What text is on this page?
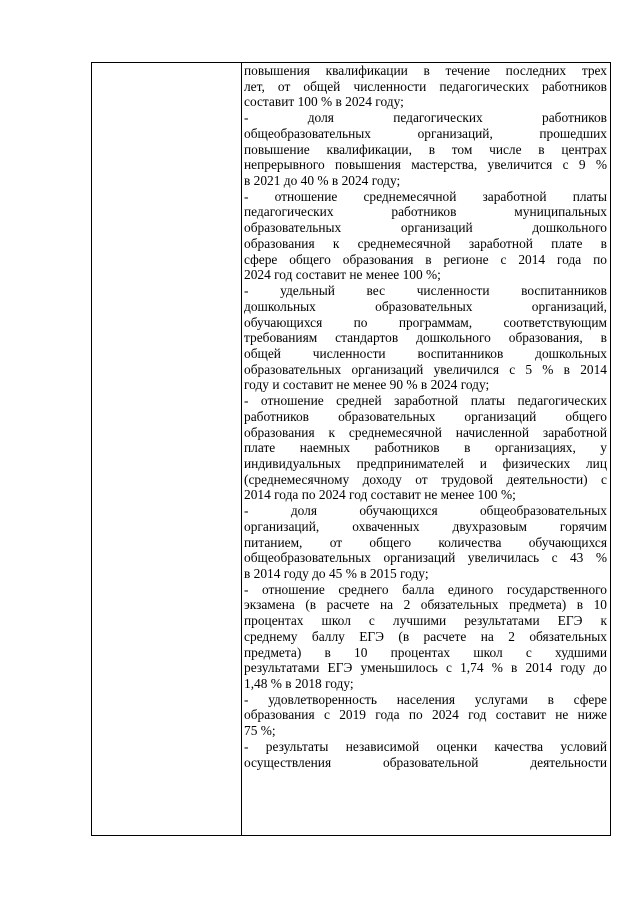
повышения квалификации в течение последних трех
лет, от общей численности педагогических работников
составит 100 % в 2024 году;
- доля педагогических работников
общеобразовательных организаций, прошедших
повышение квалификации, в том числе в центрах
непрерывного повышения мастерства, увеличится с 9 %
в 2021 до 40 % в 2024 году;
- отношение среднемесячной заработной платы
педагогических работников муниципальных
образовательных организаций дошкольного
образования к среднемесячной заработной плате в
сфере общего образования в регионе с 2014 года по
2024 год составит не менее 100 %;
- удельный вес численности воспитанников
дошкольных образовательных организаций,
обучающихся по программам, соответствующим
требованиям стандартов дошкольного образования, в
общей численности воспитанников дошкольных
образовательных организаций увеличился с 5 % в 2014
году и составит не менее 90 % в 2024 году;
- отношение средней заработной платы педагогических
работников образовательных организаций общего
образования к среднемесячной начисленной заработной
плате наемных работников в организациях, у
индивидуальных предпринимателей и физических лиц
(среднемесячному доходу от трудовой деятельности) с
2014 года по 2024 год составит не менее 100 %;
- доля обучающихся общеобразовательных
организаций, охваченных двухразовым горячим
питанием, от общего количества обучающихся
общеобразовательных организаций увеличилась с 43 %
в 2014 году до 45 % в 2015 году;
- отношение среднего балла единого государственного
экзамена (в расчете на 2 обязательных предмета) в 10
процентах школ с лучшими результатами ЕГЭ к
среднему баллу ЕГЭ (в расчете на 2 обязательных
предмета) в 10 процентах школ с худшими
результатами ЕГЭ уменьшилось с 1,74 % в 2014 году до
1,48 % в 2018 году;
- удовлетворенность населения услугами в сфере
образования с 2019 года по 2024 год составит не ниже
75 %;
- результаты независимой оценки качества условий
осуществления образовательной деятельности
